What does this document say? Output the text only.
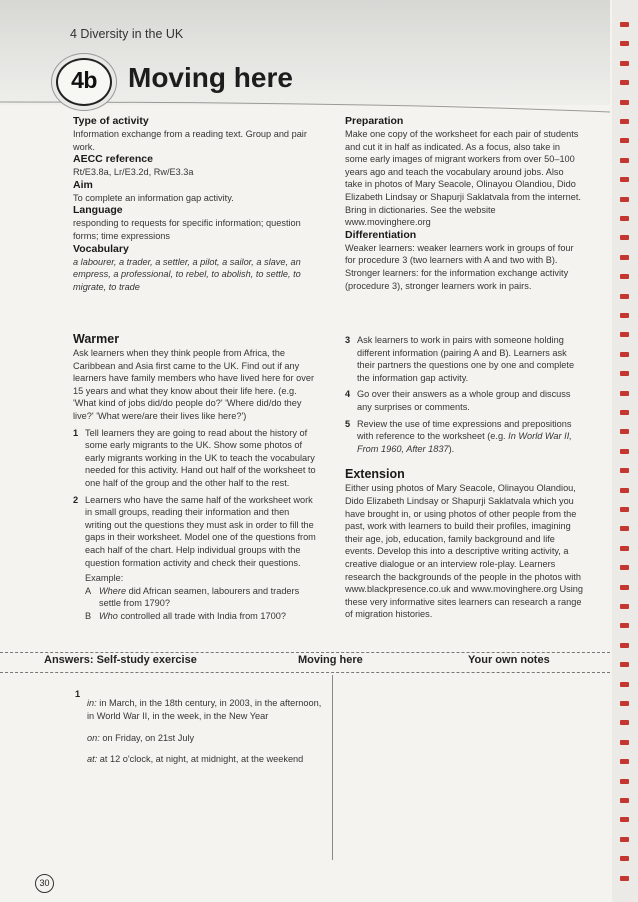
4 Diversity in the UK
4b	Moving here

Type of activity

Information exchange from a reading text. Group and pair work.

AECC reference

Rt/E3.8a, Lr/E3.2d, Rw/E3.3a

Aim

To complete an information gap activity.

Language

responding to requests for specific information; question forms; time expressions

Vocabulary

a labourer, a trader, a settler, a pilot, a sailor, a slave, an empress, a professional, to rebel, to abolish, to settle, to migrate, to trade

Preparation

Make one copy of the worksheet for each pair of students and cut it in half as indicated. As a focus, also take in some early images of migrant workers from over 50–100 years ago and teach the vocabulary around jobs. Also take in photos of Mary Seacole, Olinayou Olandiou, Dido Elizabeth Lindsay or Shapurji Saklatvala from the internet. Bring in dictionaries. See the website www.movinghere.org

Differentiation

Weaker learners: weaker learners work in groups of four for procedure 3 (two learners with A and two with B). Stronger learners: for the information exchange activity (procedure 3), stronger learners work in pairs.

Warmer

Ask learners when they think people from Africa, the Caribbean and Asia first came to the UK. Find out if any learners have family members who have lived here for over 15 years and what they know about their life here. (e.g. 'What kind of jobs did/do people do?' 'Where did/do they live?' 'What were/are their lives like here?')

1 Tell learners they are going to read about the history of some early migrants to the UK. Show some photos of early migrants working in the UK to teach the vocabulary needed for this activity. Hand out half of the worksheet to one half of the group and the other half to the rest.
2 Learners who have the same half of the worksheet work in small groups, reading their information and then writing out the questions they must ask in order to fill the gaps in their worksheet. Model one of the questions from each half of the chart. Help individual groups with the question formation activity and check their questions.

Example:

A Where did African seamen, labourers and traders settle from 1790?
B Who controlled all trade with India from 1700?
3 Ask learners to work in pairs with someone holding different information (pairing A and B). Learners ask their partners the questions one by one and complete the information gap activity.
4 Go over their answers as a whole group and discuss any surprises or comments.
5 Review the use of time expressions and prepositions with reference to the worksheet (e.g. In World War II, From 1960, After 1837).

Extension

Either using photos of Mary Seacole, Olinayou Olandiou, Dido Elizabeth Lindsay or Shapurji Saklatvala which you have brought in, or using photos of other people from the past, work with learners to build their profiles, imagining their age, job, education, family background and life events. Develop this into a descriptive writing activity, a creative dialogue or an interview role-play. Learners research the backgrounds of the people in the photos with www.blackpresence.co.uk and www.movinghere.org Using these very informative sites learners can research a range of migration histories.

Answers: Self-study exercise	Moving here	Your own notes
1

in: in March, in the 18th century, in 2003, in the afternoon, in World War II, in the week, in the New Year

on: on Friday, on 21st July

at: at 12 o'clock, at night, at midnight, at the weekend

30
